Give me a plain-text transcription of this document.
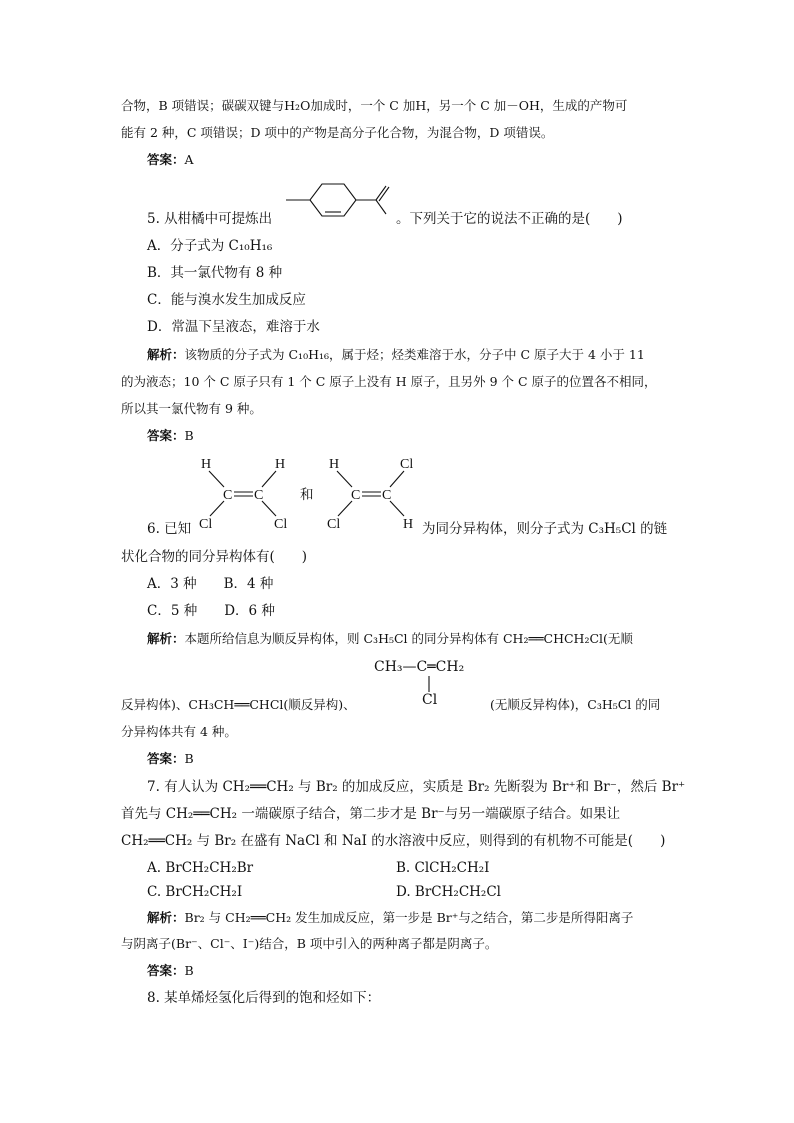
合物，B 项错误；碳碳双键与H₂O加成时，一个 C 加H，另一个 C 加－OH，生成的产物可
能有 2 种，C 项错误；D 项中的产物是高分子化合物，为混合物，D 项错误。
答案：A
5. 从柑橘中可提炼出	。下列关于它的说法不正确的是(　　)
A．分子式为 C₁₀H₁₆
B．其一氯代物有 8 种
C．能与溴水发生加成反应
D．常温下呈液态，难溶于水
解析：该物质的分子式为 C₁₀H₁₆，属于烃；烃类难溶于水，分子中 C 原子大于 4 小于 11
的为液态；10 个 C 原子只有 1 个 C 原子上没有 H 原子，且另外 9 个 C 原子的位置各不相同，
所以其一氯代物有 9 种。
答案：B
H	H
C C
Cl	Cl
和
H	Cl
C C
Cl	H
6. 已知	为同分异构体，则分子式为 C₃H₅Cl 的链
状化合物的同分异构体有(　　)
A．3 种　　B．4 种
C．5 种　　D．6 种
解析：本题所给信息为顺反异构体，则 C₃H₅Cl 的同分异构体有 CH₂══CHCH₂Cl(无顺
CH₃—C═CH₂
Cl
反异构体)、CH₃CH══CHCl(顺反异构)、	(无顺反异构体)，C₃H₅Cl 的同
分异构体共有 4 种。
答案：B
7. 有人认为 CH₂══CH₂ 与 Br₂ 的加成反应，实质是 Br₂ 先断裂为 Br⁺和 Br⁻，然后 Br⁺
首先与 CH₂══CH₂ 一端碳原子结合，第二步才是 Br⁻与另一端碳原子结合。如果让
CH₂══CH₂ 与 Br₂ 在盛有 NaCl 和 NaI 的水溶液中反应，则得到的有机物不可能是(　　)
A. BrCH₂CH₂Br	B. ClCH₂CH₂I
C. BrCH₂CH₂I	D. BrCH₂CH₂Cl
解析：Br₂ 与 CH₂══CH₂ 发生加成反应，第一步是 Br⁺与之结合，第二步是所得阳离子
与阴离子(Br⁻、Cl⁻、I⁻)结合，B 项中引入的两种离子都是阴离子。
答案：B
8. 某单烯烃氢化后得到的饱和烃如下：
